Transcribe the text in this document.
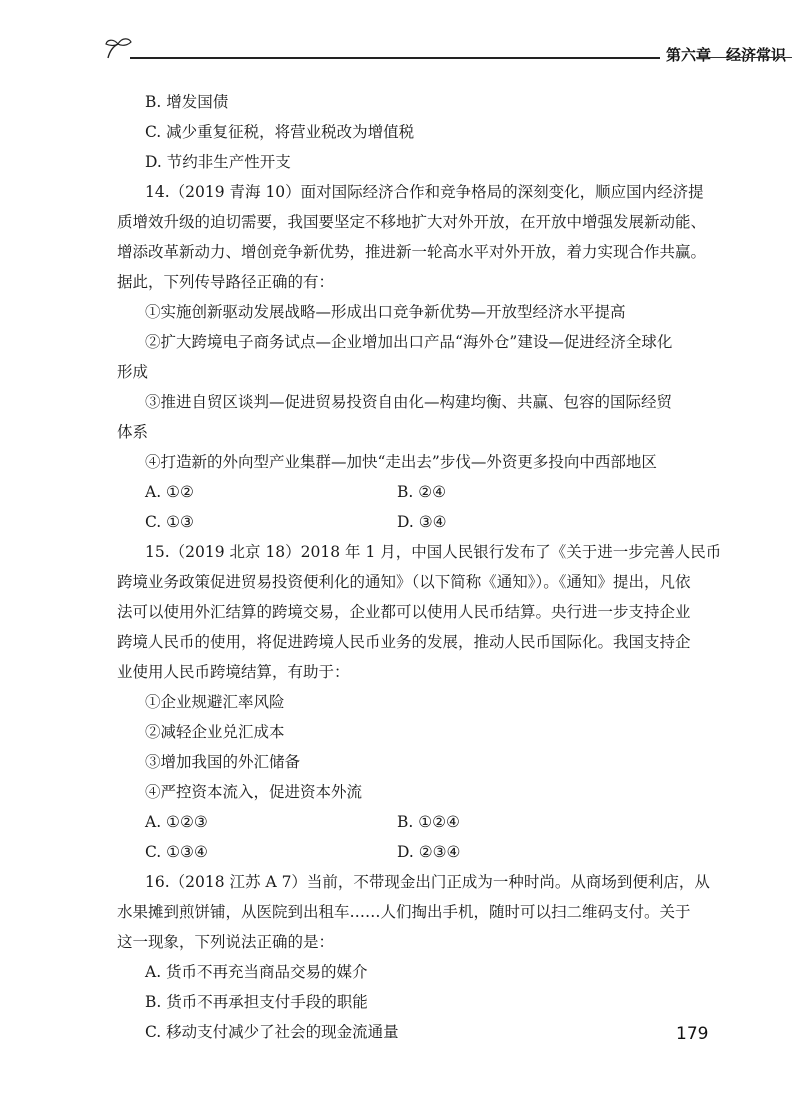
第六章　经济常识
B. 增发国债
C. 减少重复征税，将营业税改为增值税
D. 节约非生产性开支
14.（2019 青海 10）面对国际经济合作和竞争格局的深刻变化，顺应国内经济提
质增效升级的迫切需要，我国要坚定不移地扩大对外开放，在开放中增强发展新动能、
增添改革新动力、增创竞争新优势，推进新一轮高水平对外开放，着力实现合作共赢。
据此，下列传导路径正确的有：
①实施创新驱动发展战略—形成出口竞争新优势—开放型经济水平提高
②扩大跨境电子商务试点—企业增加出口产品“海外仓”建设—促进经济全球化
形成
③推进自贸区谈判—促进贸易投资自由化—构建均衡、共赢、包容的国际经贸
体系
④打造新的外向型产业集群—加快“走出去”步伐—外资更多投向中西部地区
A. ①②	B. ②④
C. ①③	D. ③④
15.（2019 北京 18）2018 年 1 月，中国人民银行发布了《关于进一步完善人民币
跨境业务政策促进贸易投资便利化的通知》（以下简称《通知》）。《通知》提出，凡依
法可以使用外汇结算的跨境交易，企业都可以使用人民币结算。央行进一步支持企业
跨境人民币的使用，将促进跨境人民币业务的发展，推动人民币国际化。我国支持企
业使用人民币跨境结算，有助于：
①企业规避汇率风险
②减轻企业兑汇成本
③增加我国的外汇储备
④严控资本流入，促进资本外流
A. ①②③	B. ①②④
C. ①③④	D. ②③④
16.（2018 江苏 A 7）当前，不带现金出门正成为一种时尚。从商场到便利店，从
水果摊到煎饼铺，从医院到出租车……人们掏出手机，随时可以扫二维码支付。关于
这一现象，下列说法正确的是：
A. 货币不再充当商品交易的媒介
B. 货币不再承担支付手段的职能
C. 移动支付减少了社会的现金流通量	179
